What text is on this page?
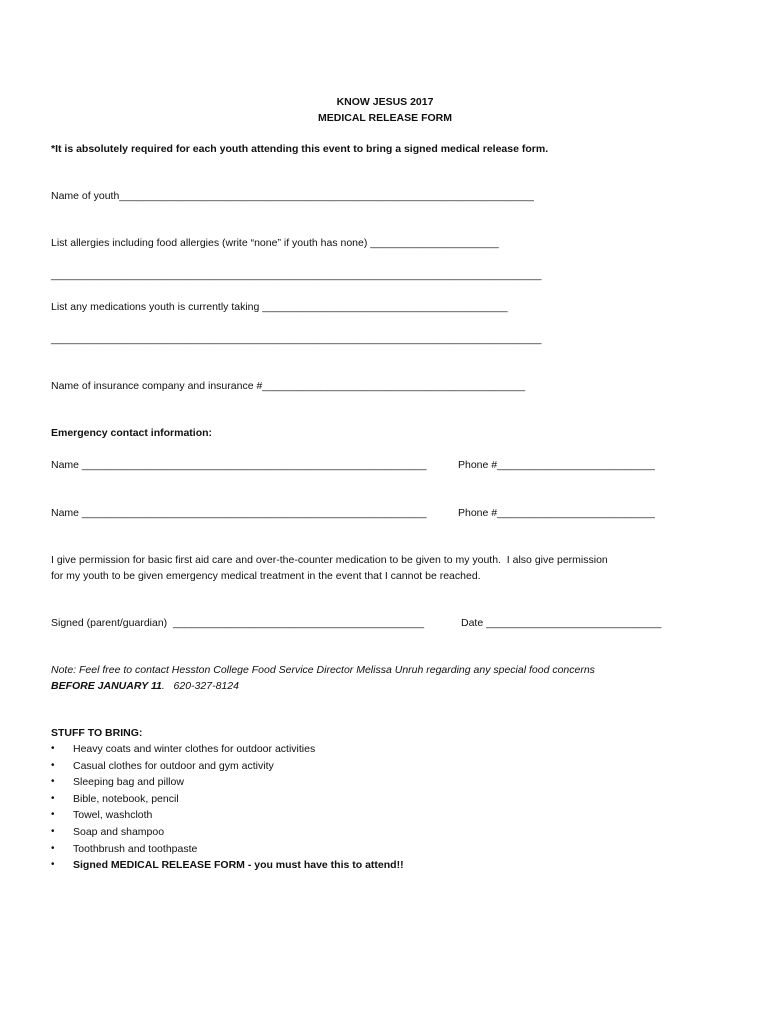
KNOW JESUS 2017
MEDICAL RELEASE FORM
*It is absolutely required for each youth attending this event to bring a signed medical release form.
Name of youth_______________________________________________________________________
List allergies including food allergies (write “none” if youth has none) ______________________
____________________________________________________________________________________
List any medications youth is currently taking __________________________________________
____________________________________________________________________________________
Name of insurance company and insurance #_____________________________________________
Emergency contact information:
Name ___________________________________________________________	Phone #___________________________
Name ___________________________________________________________	Phone #___________________________
I give permission for basic first aid care and over-the-counter medication to be given to my youth.  I also give permission
for my youth to be given emergency medical treatment in the event that I cannot be reached.
Signed (parent/guardian)  ___________________________________________	Date ______________________________
Note: Feel free to contact Hesston College Food Service Director Melissa Unruh regarding any special food concerns
BEFORE JANUARY 11.   620-327-8124
STUFF TO BRING:
• Heavy coats and winter clothes for outdoor activities
• Casual clothes for outdoor and gym activity
• Sleeping bag and pillow
• Bible, notebook, pencil
• Towel, washcloth
• Soap and shampoo
• Toothbrush and toothpaste
• Signed MEDICAL RELEASE FORM - you must have this to attend!!
